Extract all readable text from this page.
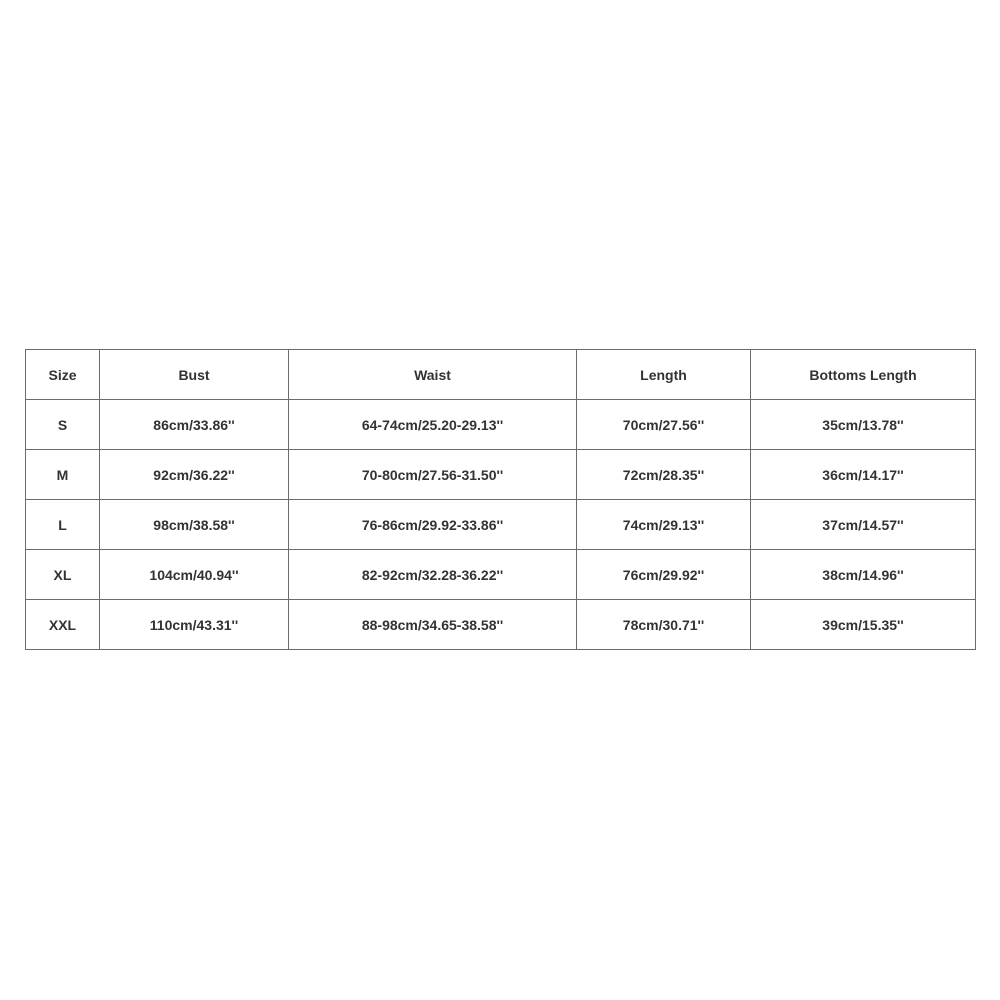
Size	Bust	Waist	Length	Bottoms Length
S	86cm/33.86''	64-74cm/25.20-29.13''	70cm/27.56''	35cm/13.78''
M	92cm/36.22''	70-80cm/27.56-31.50''	72cm/28.35''	36cm/14.17''
L	98cm/38.58''	76-86cm/29.92-33.86''	74cm/29.13''	37cm/14.57''
XL	104cm/40.94''	82-92cm/32.28-36.22''	76cm/29.92''	38cm/14.96''
XXL	110cm/43.31''	88-98cm/34.65-38.58''	78cm/30.71''	39cm/15.35''
